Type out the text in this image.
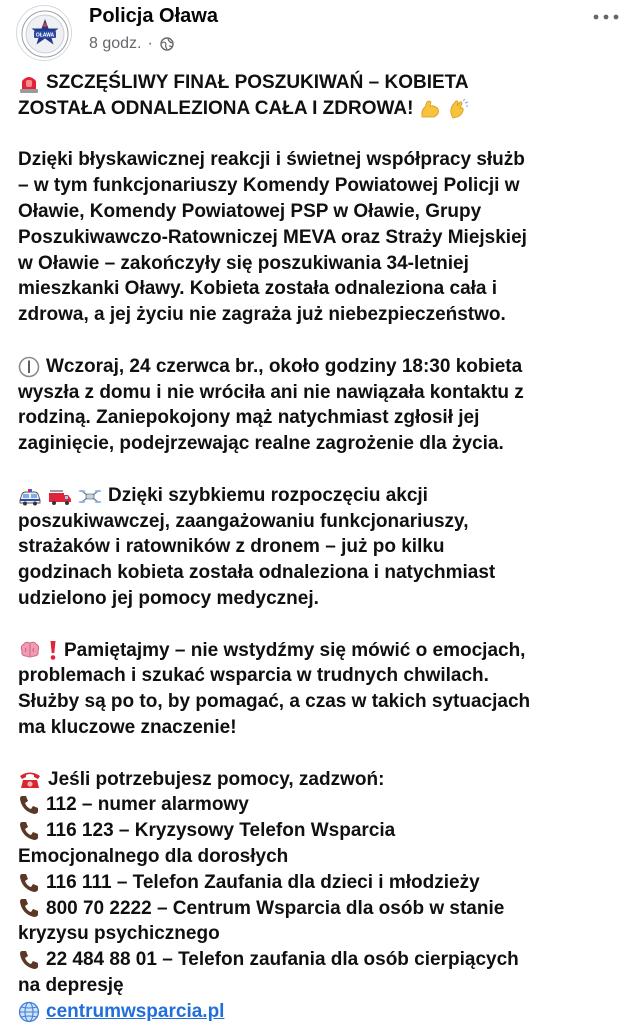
OŁAWA
Policja Oława
8 godz. ·
SZCZĘŚLIWY FINAŁ POSZUKIWAŃ – KOBIETA
ZOSTAŁA ODNALEZIONA CAŁA I ZDROWA!
Dzięki błyskawicznej reakcji i świetnej współpracy służb
– w tym funkcjonariuszy Komendy Powiatowej Policji w
Oławie, Komendy Powiatowej PSP w Oławie, Grupy
Poszukiwawczo-Ratowniczej MEVA oraz Straży Miejskiej
w Oławie – zakończyły się poszukiwania 34-letniej
mieszkanki Oławy. Kobieta została odnaleziona cała i
zdrowa, a jej życiu nie zagraża już niebezpieczeństwo.
Wczoraj, 24 czerwca br., około godziny 18:30 kobieta
wyszła z domu i nie wróciła ani nie nawiązała kontaktu z
rodziną. Zaniepokojony mąż natychmiast zgłosił jej
zaginięcie, podejrzewając realne zagrożenie dla życia.
Dzięki szybkiemu rozpoczęciu akcji
poszukiwawczej, zaangażowaniu funkcjonariuszy,
strażaków i ratowników z dronem – już po kilku
godzinach kobieta została odnaleziona i natychmiast
udzielono jej pomocy medycznej.
Pamiętajmy – nie wstydźmy się mówić o emocjach,
problemach i szukać wsparcia w trudnych chwilach.
Służby są po to, by pomagać, a czas w takich sytuacjach
ma kluczowe znaczenie!
Jeśli potrzebujesz pomocy, zadzwoń:
112 – numer alarmowy
116 123 – Kryzysowy Telefon Wsparcia
Emocjonalnego dla dorosłych
116 111 – Telefon Zaufania dla dzieci i młodzieży
800 70 2222 – Centrum Wsparcia dla osób w stanie
kryzysu psychicznego
22 484 88 01 – Telefon zaufania dla osób cierpiących
na depresję
centrumwsparcia.pl
